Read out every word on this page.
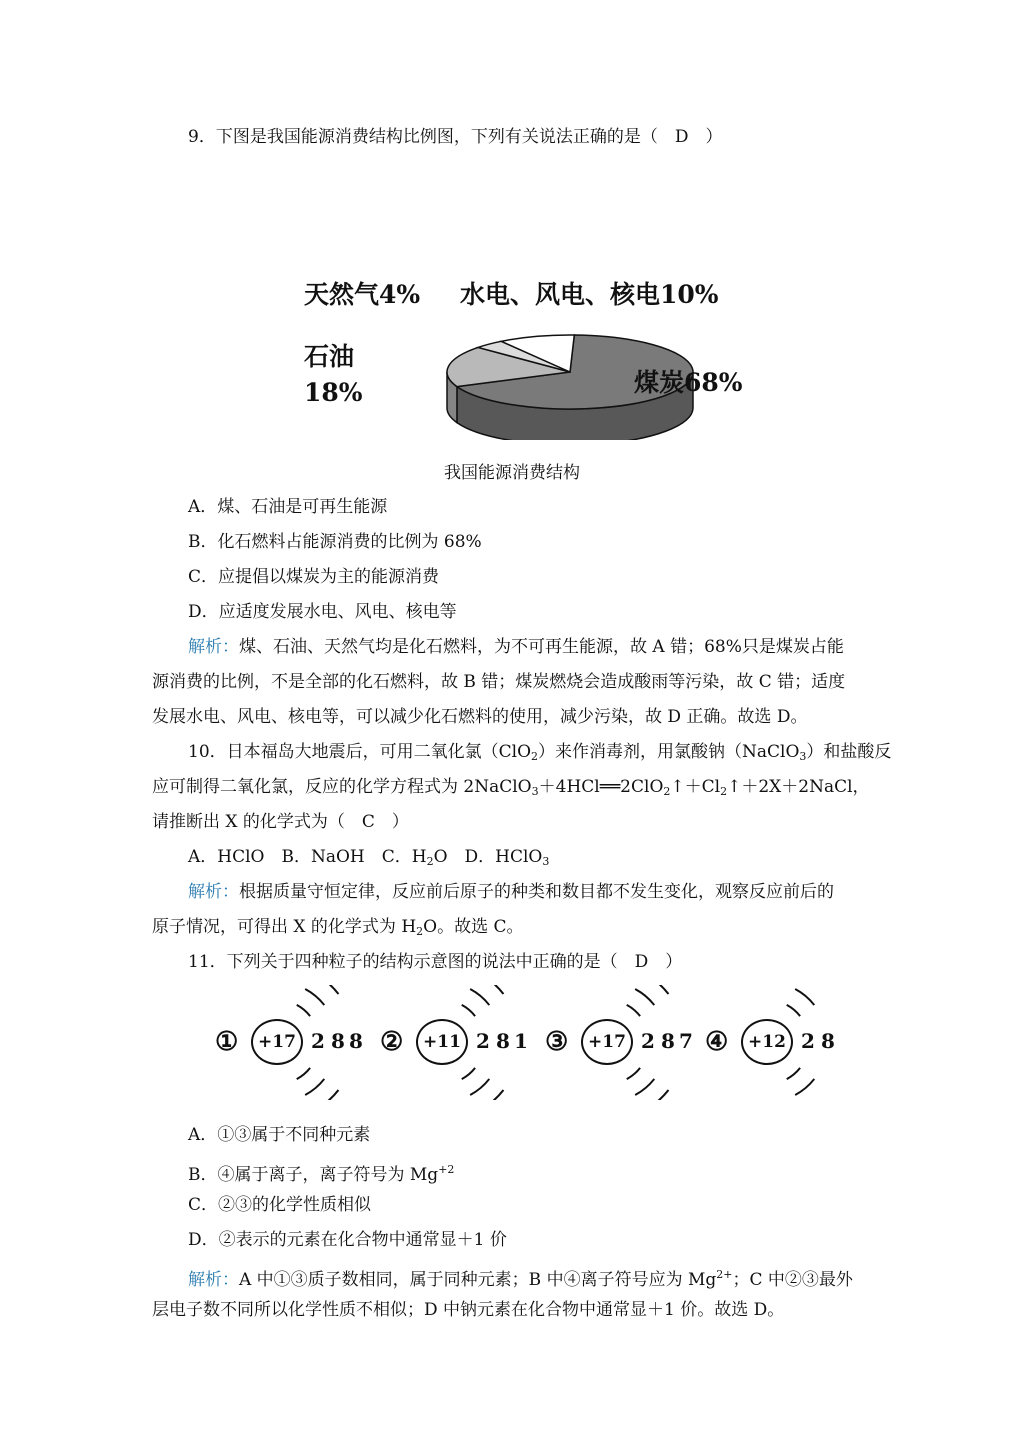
9．下图是我国能源消费结构比例图，下列有关说法正确的是（　D　）
天然气4% 水电、风电、核电10%
石油
18%	煤炭68%
我国能源消费结构
A．煤、石油是可再生能源
B．化石燃料占能源消费的比例为 68%
C．应提倡以煤炭为主的能源消费
D．应适度发展水电、风电、核电等
解析：煤、石油、天然气均是化石燃料，为不可再生能源，故 A 错；68%只是煤炭占能
源消费的比例，不是全部的化石燃料，故 B 错；煤炭燃烧会造成酸雨等污染，故 C 错；适度
发展水电、风电、核电等，可以减少化石燃料的使用，减少污染，故 D 正确。故选 D。
10．日本福岛大地震后，可用二氧化氯（ClO$_2$）来作消毒剂，用氯酸钠（NaClO$_3$）和盐酸反
应可制得二氧化氯，反应的化学方程式为 $2NaClO_3+4HCl══2ClO_2↑+Cl_2↑+2X+2NaCl$，
请推断出 X 的化学式为（　C　）
A．HClO　B．NaOH　C．$H_2O$　D．HClO$_3$
解析：根据质量守恒定律，反应前后原子的种类和数目都不发生变化，观察反应前后的
原子情况，可得出 X 的化学式为 $H_2O$。故选 C。
11．下列关于四种粒子的结构示意图的说法中正确的是（　D　）
①	+17 2 8 8 ②	+11 2 8 1 ③	+17 2 8 7 ④	+12 2 8
A．①③属于不同种元素
B．④属于离子，离子符号为 $Mg^{+2}$
C．②③的化学性质相似
D．②表示的元素在化合物中通常显＋1 价
解析：A 中①③质子数相同，属于同种元素；B 中④离子符号应为 $Mg^{2+}$；C 中②③最外
层电子数不同所以化学性质不相似；D 中钠元素在化合物中通常显＋1 价。故选 D。
